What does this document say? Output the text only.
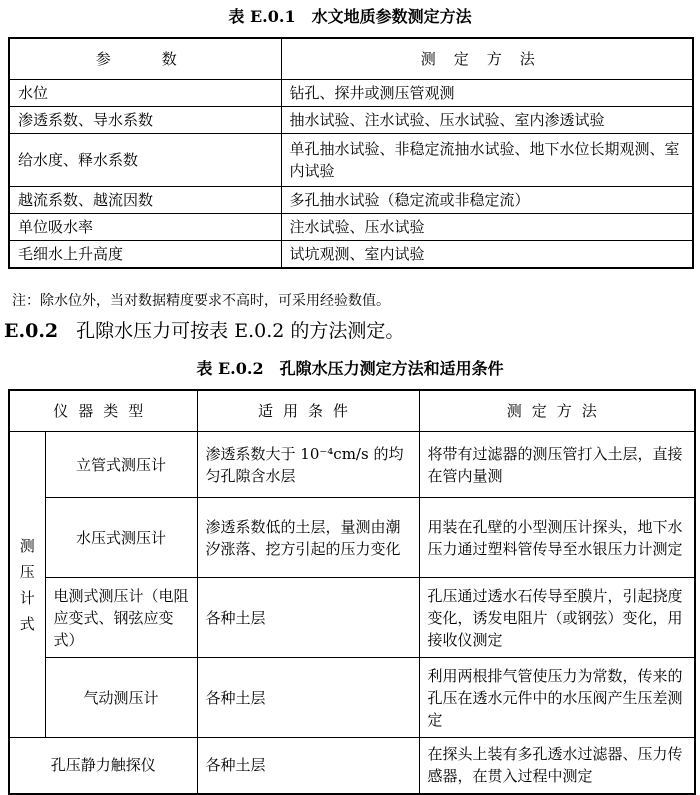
表 E.0.1　水文地质参数测定方法
参　数	测定方法
水位	钻孔、探井或测压管观测
渗透系数、导水系数	抽水试验、注水试验、压水试验、室内渗透试验
给水度、释水系数	单孔抽水试验、非稳定流抽水试验、地下水位长期观测、室内试验
越流系数、越流因数	多孔抽水试验（稳定流或非稳定流）
单位吸水率	注水试验、压水试验
毛细水上升高度	试坑观测、室内试验
注：除水位外，当对数据精度要求不高时，可采用经验数值。
E.0.2 孔隙水压力可按表 E.0.2 的方法测定。
表 E.0.2　孔隙水压力测定方法和适用条件
仪器类型		适用条件	测定方法

测压计式	立管式测压计	渗透系数大于 10⁻⁴cm/s 的均匀孔隙含水层	将带有过滤器的测压管打入土层，直接在管内量测
	水压式测压计	渗透系数低的土层，量测由潮汐涨落、挖方引起的压力变化	用装在孔壁的小型测压计探头，地下水压力通过塑料管传导至水银压力计测定
	电测式测压计（电阻应变式、钢弦应变式）	各种土层	孔压通过透水石传导至膜片，引起挠度变化，诱发电阻片（或钢弦）变化，用接收仪测定
	气动测压计	各种土层	利用两根排气管使压力为常数，传来的孔压在透水元件中的水压阀产生压差测定
孔压静力触探仪		各种土层	在探头上装有多孔透水过滤器、压力传感器，在贯入过程中测定
